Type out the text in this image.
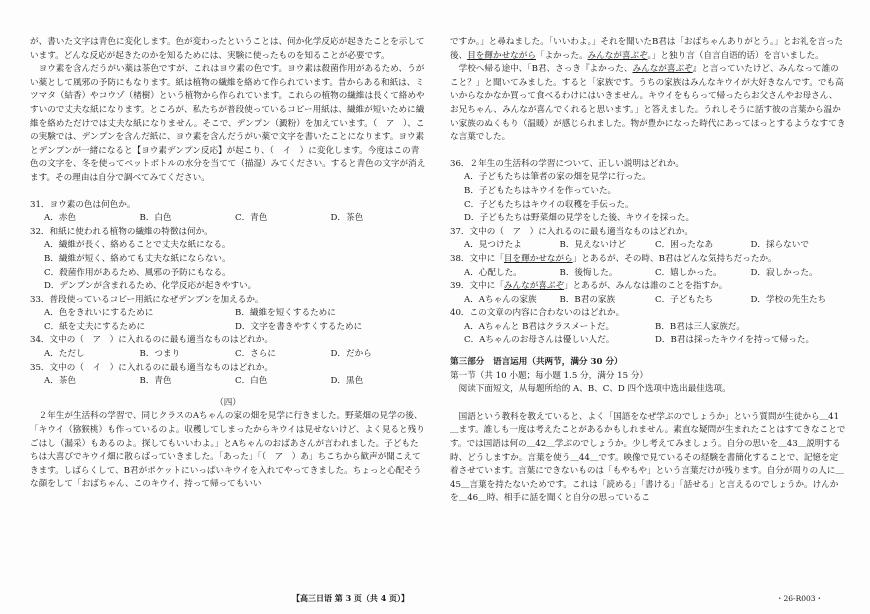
が、書いた文字は青色に変化します。色が変わったということは、何か化学反応が起きたことを示しています。どんな反応が起きたのかを知るためには、実験に使ったものを知ることが必要です。

ヨウ素を含んだうがい薬は茶色ですが、これはヨウ素の色です。ヨウ素は殺菌作用があるため、うがい薬として風邪の予防にもなります。紙は植物の繊維を絡めて作られています。昔からある和紙は、ミツマタ（結香）やコウゾ（楮樹）という植物から作られています。これらの植物の繊維は長くて絡めやすいので丈夫な紙になります。ところが、私たちが普段使っているコピー用紙は、繊維が短いために繊維を絡めただけでは丈夫な紙になりません。そこで、デンプン（澱粉）を加えています。（　ア　）、この実験では、デンプンを含んだ紙に、ヨウ素を含んだうがい薬で文字を書いたことになります。ヨウ素とデンプンが一緒になると【ヨウ素デンプン反応】が起こり、（　イ　）に変化します。今度はこの青色の文字を、冬を使ってペットボトルの水分を当てて（描湿）みてください。すると青色の文字が消えます。その理由は自分で調べてみてください。

31．ヨウ素の色は何色か。

A．赤色	B．白色	C．青色	D．茶色

32．和紙に使われる植物の繊維の特徴は何か。

A．繊維が長く、絡めることで丈夫な紙になる。
B．繊維が短く、絡めても丈夫な紙にならない。
C．殺菌作用があるため、風邪の予防にもなる。
D．デンプンが含まれるため、化学反応が起きやすい。

33．普段使っているコピー用紙になぜデンプンを加えるか。

A．色をきれいにするために	B．繊維を短くするために
C．紙を丈夫にするために	D．文字を書きやすくするために

34．文中の（　ア　）に入れるのに最も適当なものはどれか。

A．ただし	B．つまり	C．さらに	D．だから

35．文中の（　イ　）に入れるのに最も適当なものはどれか。

A．茶色	B．青色	C．白色	D．黒色

（四）

２年生が生活科の学習で、同じクラスのAちゃんの家の畑を見学に行きました。野菜畑の見学の後、「キウイ（猕猴桃）も作っているのよ。収穫してしまったからキウイは見せないけど、よく見ると残りごはし（漏采）もあるのよ。探してもいいわよ。」とAちゃんのおばあさんが言われました。子どもたちは大喜びでキウイ畑に散らばっていきました。「あった」「（　ア　）あ」ちこちから歓声が聞こえてきます。しばらくして、B君がポケットにいっぱいキウイを入れてやってきました。ちょっと心配そうな顔をして「おばちゃん、このキウイ、持って帰ってもいい

ですか。」と尋ねました。「いいわよ。」それを聞いたB君は「おばちゃんありがとう。」とお礼を言った後、目を輝かせながら「よかった。みんなが喜ぶぞ。」と独り言（自言自语的话）を言いました。

学校へ帰る途中、「B君、さっき『よかった、みんなが喜ぶぞ』と言っていたけど、みんなって誰のこと？」と聞いてみました。すると「家族です。うちの家族はみんなキウイが大好きなんです。でも高いからなかなか買って食べるわけにはいきません。キウイをもらって帰ったらお父さんやお母さん、お兄ちゃん、みんなが喜んでくれると思います。」と答えました。うれしそうに話す彼の言葉から温かい家族のぬくもり（温暖）が感じられました。物が豊かになった時代にあってほっとするようなすてきな言葉でした。

36．２年生の生活科の学習について、正しい説明はどれか。

A．子どもたちは筆者の家の畑を見学に行った。
B．子どもたちはキウイを作っていた。
C．子どもたちはキウイの収穫を手伝った。
D．子どもたちは野菜畑の見学をした後、キウイを採った。

37．文中の（　ア　）に入れるのに最も適当なものはどれか。

A．見つけたよ	B．見えないけど	C．困ったなあ	D．採らないで

38．文中に「目を輝かせながら」とあるが、その時、B君はどんな気持ちだったか。

A．心配した。	B．後悔した。	C．嬉しかった。	D．寂しかった。

39．文中に「みんなが喜ぶぞ」とあるが、みんなは誰のことを指すか。

A．Aちゃんの家族	B．B君の家族	C．子どもたち	D．学校の先生たち

40．この文章の内容に合わないのはどれか。

A．Aちゃんと B君はクラスメートだ。	B．B君は三人家族だ。
C．Aちゃんのお母さんは優しい人だ。	D．B君は採ったキウイを持って帰った。

第三部分　语言运用（共两节，满分 30 分）

第一节（共 10 小题；每小题 1.5 分，满分 15 分）

阅读下面短文，从每题所给的 A、B、C、D 四个选项中选出最佳选项。

国語という教科を教えていると、よく「国語をなぜ学ぶのでしょうか」という質問が生徒から＿41＿ます。誰しも一度は考えたことがあるかもしれません。素直な疑問が生まれたことはすてきなことです。では国語は何の＿42＿学ぶのでしょうか。少し考えてみましょう。自分の思いを＿43＿説明する時、どうしますか。言葉を使う＿44＿です。映像で見ているその経験を書簡化することで、記憶を定着させています。言葉にできないものは「もやもや」という言葉だけが残ります。自分が周りの人に＿45＿言葉を持たないためです。これは「読める」「書ける」「話せる」と言えるのでしょうか。けんかを＿46＿時、相手に話を聞くと自分の思っているこ

【高三日语 第 3 页（共 4 页）】	・26-R003・
